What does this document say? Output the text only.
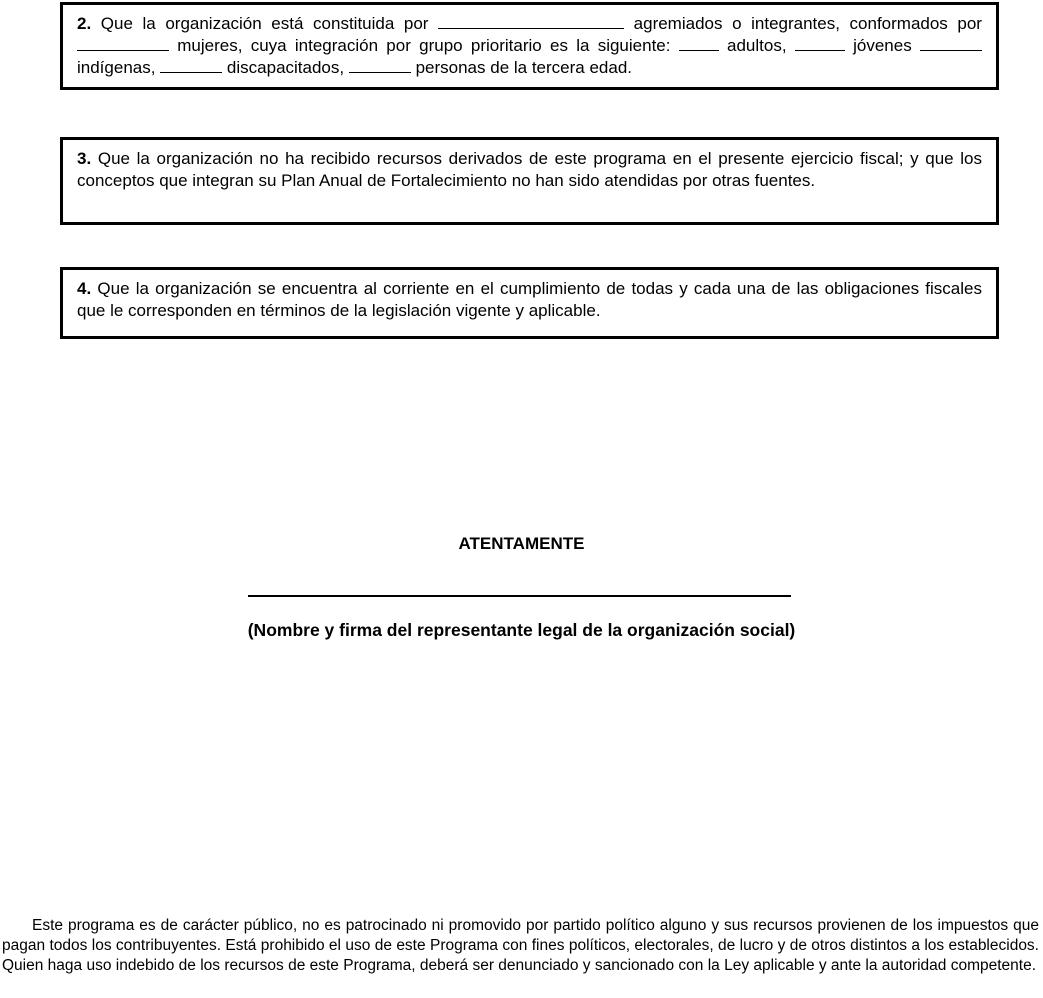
2. Que la organización está constituida por	agremiados o integrantes, conformados por  mujeres, cuya integración por grupo prioritario es la siguiente:	adultos,	jóvenes  indígenas,	discapacitados,	personas de la tercera edad.
3. Que la organización no ha recibido recursos derivados de este programa en el presente ejercicio fiscal; y que los conceptos que integran su Plan Anual de Fortalecimiento no han sido atendidas por otras fuentes.
4. Que la organización se encuentra al corriente en el cumplimiento de todas y cada una de las obligaciones fiscales que le corresponden en términos de la legislación vigente y aplicable.
ATENTAMENTE
(Nombre y firma del representante legal de la organización social)
Este programa es de carácter público, no es patrocinado ni promovido por partido político alguno y sus recursos provienen de los impuestos que pagan todos los contribuyentes. Está prohibido el uso de este Programa con fines políticos, electorales, de lucro y de otros distintos a los establecidos. Quien haga uso indebido de los recursos de este Programa, deberá ser denunciado y sancionado con la Ley aplicable y ante la autoridad competente.
